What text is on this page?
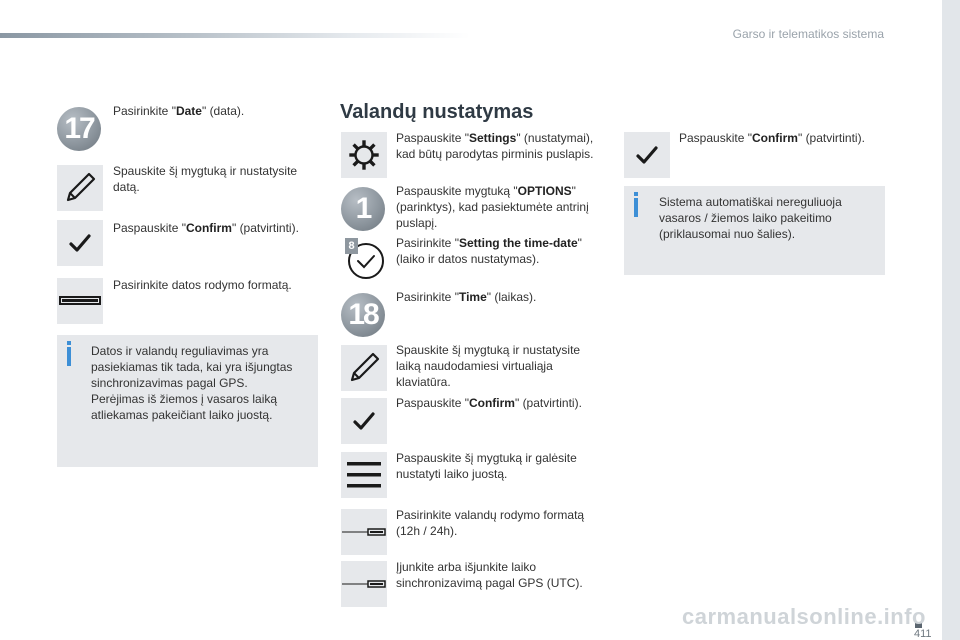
Garso ir telematikos sistema
17
Pasirinkite "Date" (data).
Spauskite šį mygtuką ir nustatysite datą.
Paspauskite "Confirm" (patvirtinti).
Pasirinkite datos rodymo formatą.
Datos ir valandų reguliavimas yra pasiekiamas tik tada, kai yra išjungtas sinchronizavimas pagal GPS.
Perėjimas iš žiemos į vasaros laiką atliekamas pakeičiant laiko juostą.
Valandų nustatymas
Paspauskite "Settings" (nustatymai), kad būtų parodytas pirminis puslapis.
1
Paspauskite mygtuką "OPTIONS" (parinktys), kad pasiektumėte antrinį puslapį.
8	Pasirinkite "Setting the time-date" (laiko ir datos nustatymas).
18
Pasirinkite "Time" (laikas).
Spauskite šį mygtuką ir nustatysite laiką naudodamiesi virtualiąja klaviatūra.
Paspauskite "Confirm" (patvirtinti).
Paspauskite šį mygtuką ir galėsite nustatyti laiko juostą.
Pasirinkite valandų rodymo formatą (12h / 24h).
Įjunkite arba išjunkite laiko sinchronizavimą pagal GPS (UTC).
Paspauskite "Confirm" (patvirtinti).
Sistema automatiškai nereguliuoja vasaros / žiemos laiko pakeitimo (priklausomai nuo šalies).
411
carmanualsonline.info
